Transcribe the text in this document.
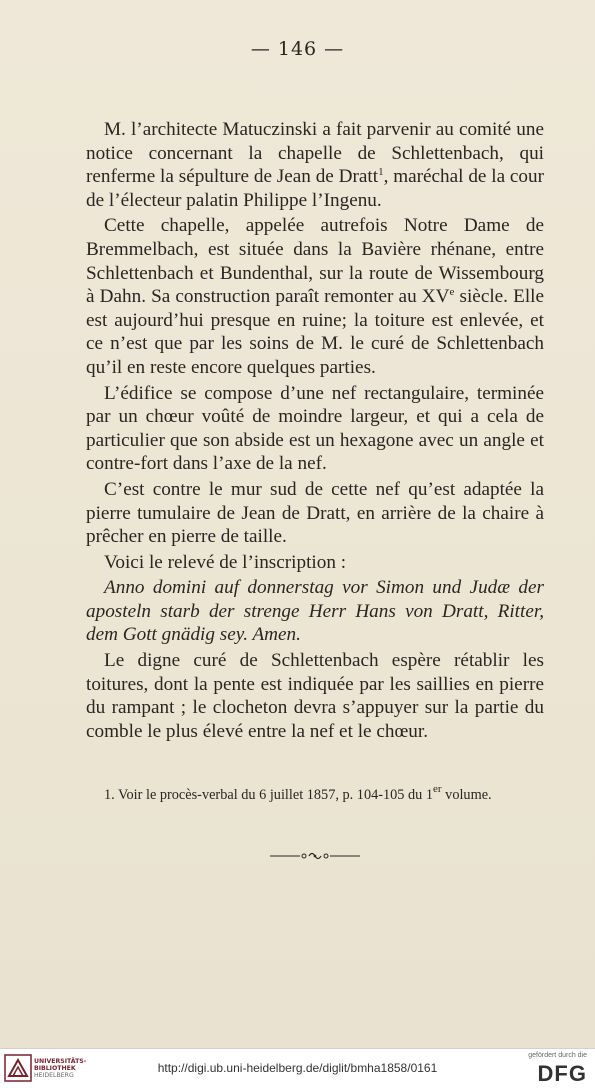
— 146 —

M. l’architecte Matuczinski a fait parvenir au comité une notice concernant la chapelle de Schlettenbach, qui renferme la sépulture de Jean de Dratt$^1$, maréchal de la cour de l’électeur palatin Philippe l’Ingenu.

Cette chapelle, appelée autrefois Notre Dame de Bremmelbach, est située dans la Bavière rhénane, entre Schlettenbach et Bundenthal, sur la route de Wissembourg à Dahn. Sa construction paraît remonter au XVe siècle. Elle est aujourd’hui presque en ruine; la toiture est enlevée, et ce n’est que par les soins de M. le curé de Schlettenbach qu’il en reste encore quelques parties.

L’édifice se compose d’une nef rectangulaire, terminée par un chœur voûté de moindre largeur, et qui a cela de particulier que son abside est un hexagone avec un angle et contre-fort dans l’axe de la nef.

C’est contre le mur sud de cette nef qu’est adaptée la pierre tumulaire de Jean de Dratt, en arrière de la chaire à prêcher en pierre de taille.

Voici le relevé de l’inscription :

Anno domini auf donnerstag vor Simon und Judæ der aposteln starb der strenge Herr Hans von Dratt, Ritter, dem Gott gnädig sey. Amen.

Le digne curé de Schlettenbach espère rétablir les toitures, dont la pente est indiquée par les saillies en pierre du rampant ; le clocheton devra s’appuyer sur la partie du comble le plus élevé entre la nef et le chœur.

1. Voir le procès-verbal du 6 juillet 1857, p. 104-105 du 1er volume.
UNIVERSITÄTS-
BIBLIOTHEK
HEIDELBERG
http://digi.ub.uni-heidelberg.de/diglit/bmha1858/0161
gefördert durch die
DFG
